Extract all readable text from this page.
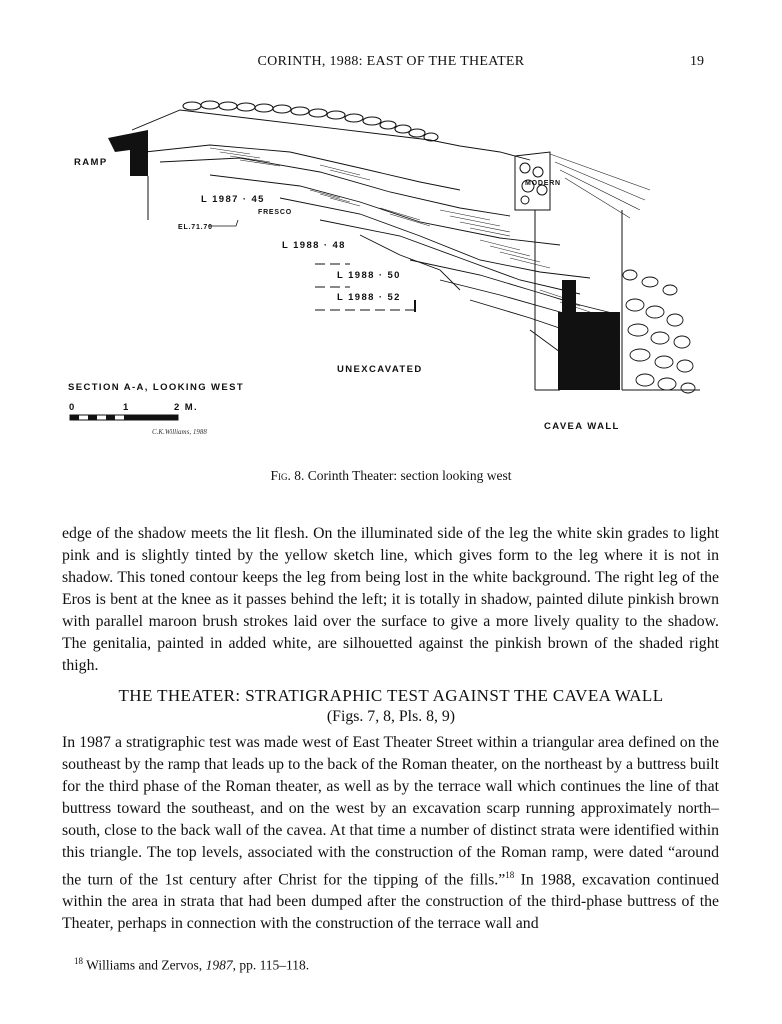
CORINTH, 1988: EAST OF THE THEATER	19
RAMP
L 1987 · 45
FRESCO
EL.71.70
L 1988 · 48
L 1988 · 50
L 1988 · 52
MODERN
UNEXCAVATED
SECTION A-A, LOOKING WEST
0	1	2 M.
C.K.Williams, 1988	CAVEA WALL
Fig. 8. Corinth Theater: section looking west

edge of the shadow meets the lit flesh. On the illuminated side of the leg the white skin grades to light pink and is slightly tinted by the yellow sketch line, which gives form to the leg where it is not in shadow. This toned contour keeps the leg from being lost in the white background. The right leg of the Eros is bent at the knee as it passes behind the left; it is totally in shadow, painted dilute pinkish brown with parallel maroon brush strokes laid over the surface to give a more lively quality to the shadow. The genitalia, painted in added white, are silhouetted against the pinkish brown of the shaded right thigh.

THE THEATER: STRATIGRAPHIC TEST AGAINST THE CAVEA WALL
(Figs. 7, 8, Pls. 8, 9)

In 1987 a stratigraphic test was made west of East Theater Street within a triangular area defined on the southeast by the ramp that leads up to the back of the Roman theater, on the northeast by a buttress built for the third phase of the Roman theater, as well as by the terrace wall which continues the line of that buttress toward the southeast, and on the west by an excavation scarp running approximately north–south, close to the back wall of the cavea. At that time a number of distinct strata were identified within this triangle. The top levels, associated with the construction of the Roman ramp, were dated “around the turn of the 1st century after Christ for the tipping of the fills.”$^{18}$ In 1988, excavation continued within the area in strata that had been dumped after the construction of the third-phase buttress of the Theater, perhaps in connection with the construction of the terrace wall and

$^{18}$ Williams and Zervos, 1987, pp. 115–118.
